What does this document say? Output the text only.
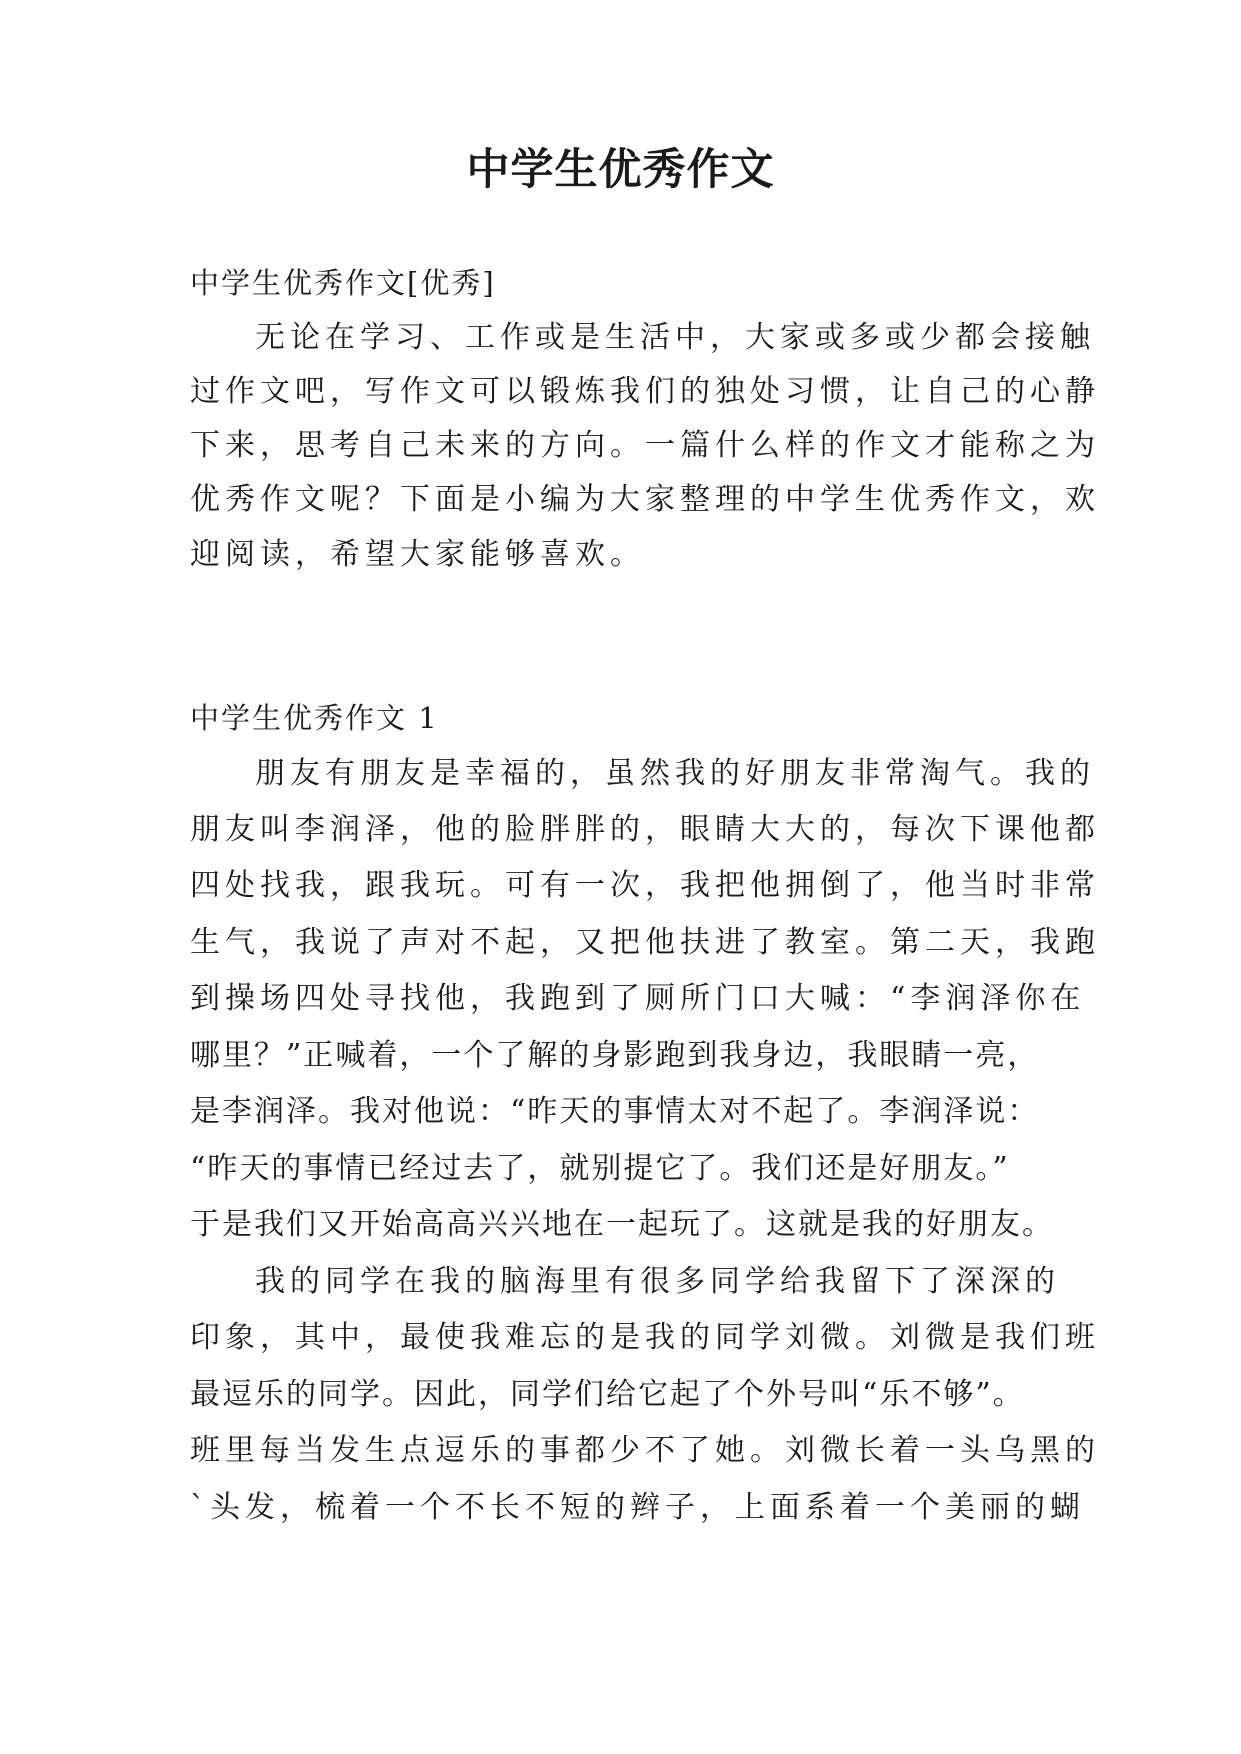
中学生优秀作文

中学生优秀作文[优秀]

无论在学习、工作或是生活中，大家或多或少都会接触

过作文吧，写作文可以锻炼我们的独处习惯，让自己的心静

下来，思考自己未来的方向。一篇什么样的作文才能称之为

优秀作文呢？下面是小编为大家整理的中学生优秀作文，欢

迎阅读，希望大家能够喜欢。

中学生优秀作文 1

朋友有朋友是幸福的，虽然我的好朋友非常淘气。我的

朋友叫李润泽，他的脸胖胖的，眼睛大大的，每次下课他都

四处找我，跟我玩。可有一次，我把他拥倒了，他当时非常

生气，我说了声对不起，又把他扶进了教室。第二天，我跑

到操场四处寻找他，我跑到了厕所门口大喊：“李润泽你在

哪里？”正喊着，一个了解的身影跑到我身边，我眼睛一亮，

是李润泽。我对他说：“昨天的事情太对不起了。李润泽说：

“昨天的事情已经过去了，就别提它了。我们还是好朋友。”

于是我们又开始高高兴兴地在一起玩了。这就是我的好朋友。

我的同学在我的脑海里有很多同学给我留下了深深的

印象，其中，最使我难忘的是我的同学刘微。刘微是我们班

最逗乐的同学。因此，同学们给它起了个外号叫“乐不够”。

班里每当发生点逗乐的事都少不了她。刘微长着一头乌黑的

`头发，梳着一个不长不短的辫子，上面系着一个美丽的蝴
